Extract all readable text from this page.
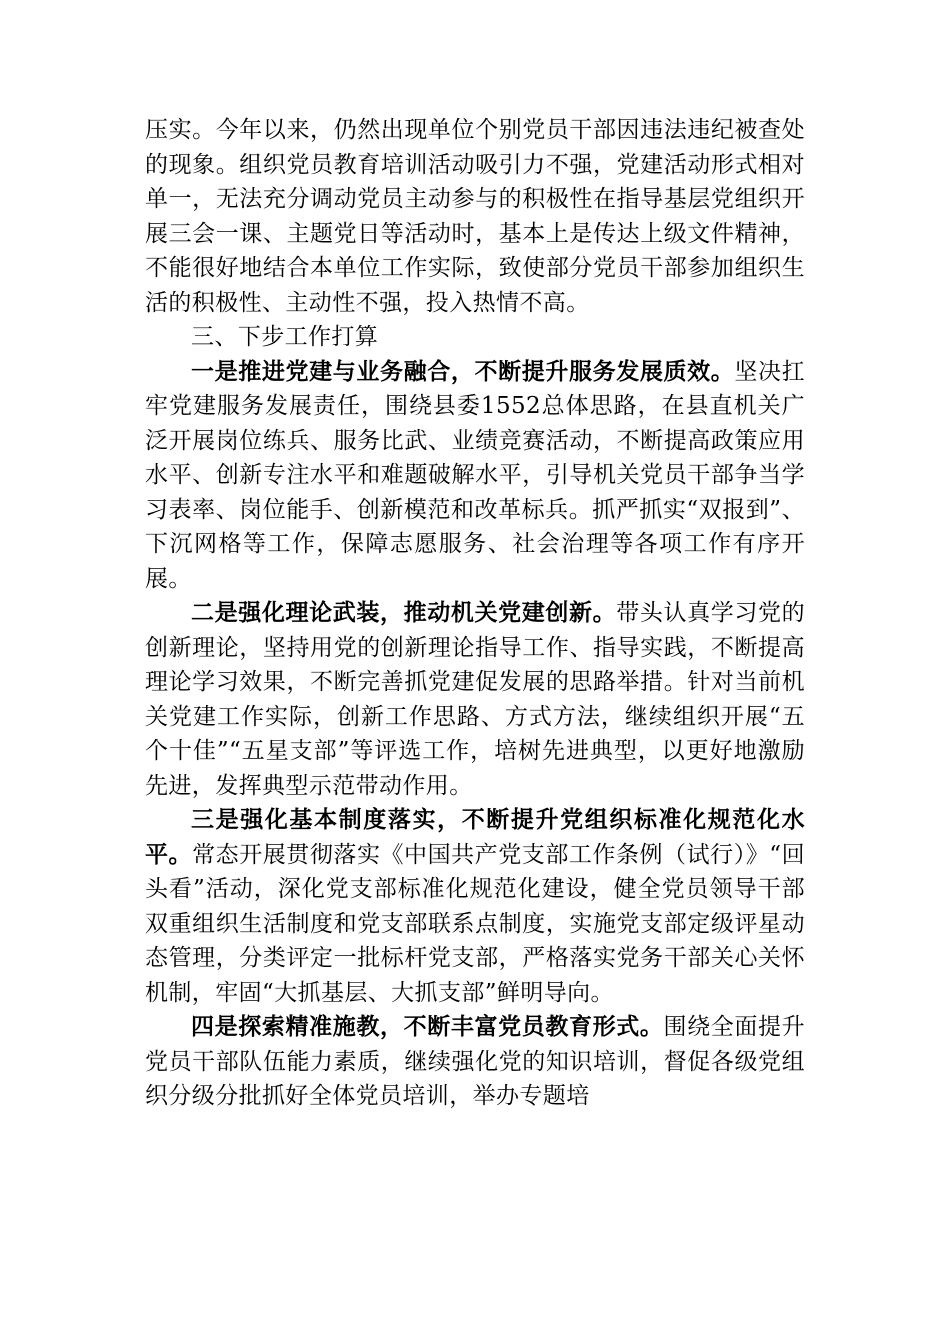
压实。今年以来，仍然出现单位个别党员干部因违法违纪被查处的现象。组织党员教育培训活动吸引力不强，党建活动形式相对单一，无法充分调动党员主动参与的积极性在指导基层党组织开展三会一课、主题党日等活动时，基本上是传达上级文件精神，不能很好地结合本单位工作实际，致使部分党员干部参加组织生活的积极性、主动性不强，投入热情不高。

三、下步工作打算

一是推进党建与业务融合，不断提升服务发展质效。坚决扛牢党建服务发展责任，围绕县委1552总体思路，在县直机关广泛开展岗位练兵、服务比武、业绩竞赛活动，不断提高政策应用水平、创新专注水平和难题破解水平，引导机关党员干部争当学习表率、岗位能手、创新模范和改革标兵。抓严抓实“双报到”、下沉网格等工作，保障志愿服务、社会治理等各项工作有序开展。

二是强化理论武装，推动机关党建创新。带头认真学习党的创新理论，坚持用党的创新理论指导工作、指导实践，不断提高理论学习效果，不断完善抓党建促发展的思路举措。针对当前机关党建工作实际，创新工作思路、方式方法，继续组织开展“五个十佳”“五星支部”等评选工作，培树先进典型，以更好地激励先进，发挥典型示范带动作用。

三是强化基本制度落实，不断提升党组织标准化规范化水平。常态开展贯彻落实《中国共产党支部工作条例（试行）》“回头看”活动，深化党支部标准化规范化建设，健全党员领导干部双重组织生活制度和党支部联系点制度，实施党支部定级评星动态管理，分类评定一批标杆党支部，严格落实党务干部关心关怀机制，牢固“大抓基层、大抓支部”鲜明导向。

四是探索精准施教，不断丰富党员教育形式。围绕全面提升党员干部队伍能力素质，继续强化党的知识培训，督促各级党组织分级分批抓好全体党员培训，举办专题培
